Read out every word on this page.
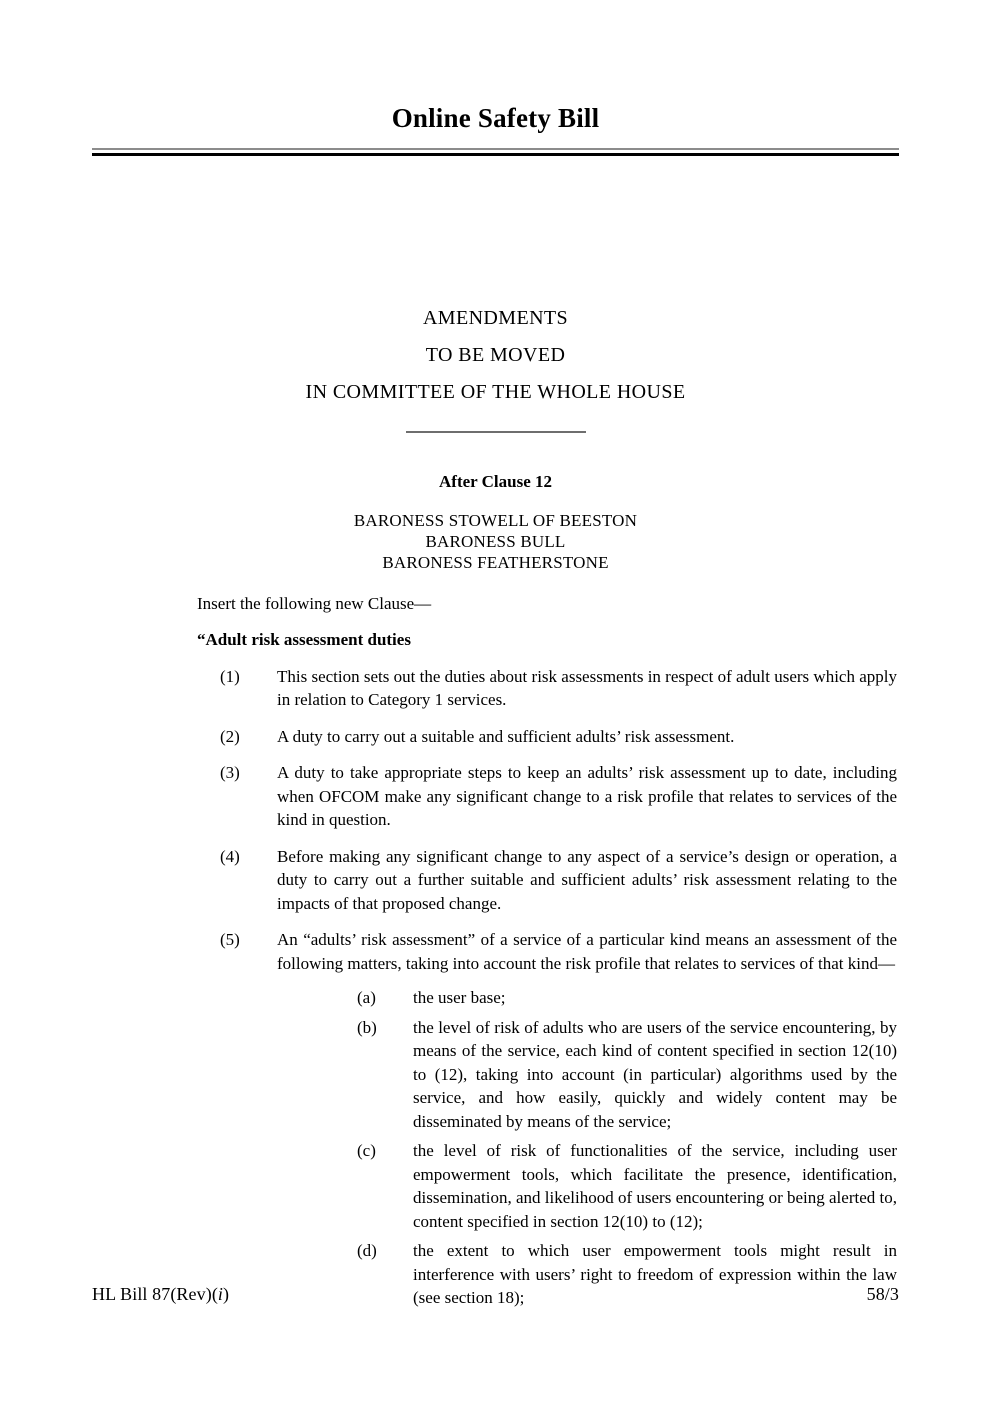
Online Safety Bill
AMENDMENTS
TO BE MOVED
IN COMMITTEE OF THE WHOLE HOUSE
After Clause 12
BARONESS STOWELL OF BEESTON
BARONESS BULL
BARONESS FEATHERSTONE
Insert the following new Clause—
“Adult risk assessment duties
(1)	This section sets out the duties about risk assessments in respect of adult users which apply in relation to Category 1 services.
(2)	A duty to carry out a suitable and sufficient adults’ risk assessment.
(3)	A duty to take appropriate steps to keep an adults’ risk assessment up to date, including when OFCOM make any significant change to a risk profile that relates to services of the kind in question.
(4)	Before making any significant change to any aspect of a service’s design or operation, a duty to carry out a further suitable and sufficient adults’ risk assessment relating to the impacts of that proposed change.
(5)	An “adults’ risk assessment” of a service of a particular kind means an assessment of the following matters, taking into account the risk profile that relates to services of that kind—
(a)	the user base;
(b)	the level of risk of adults who are users of the service encountering, by means of the service, each kind of content specified in section 12(10) to (12), taking into account (in particular) algorithms used by the service, and how easily, quickly and widely content may be disseminated by means of the service;
(c)	the level of risk of functionalities of the service, including user empowerment tools, which facilitate the presence, identification, dissemination, and likelihood of users encountering or being alerted to, content specified in section 12(10) to (12);
(d)	the extent to which user empowerment tools might result in interference with users’ right to freedom of expression within the law (see section 18);
HL Bill 87(Rev)(i)	58/3
